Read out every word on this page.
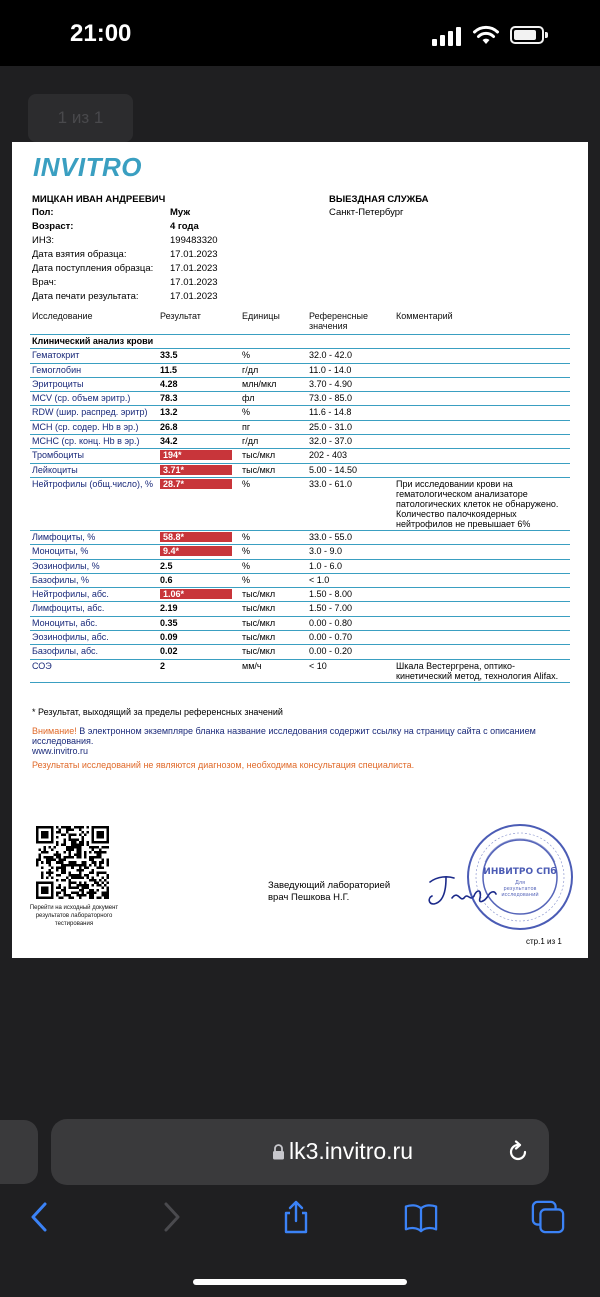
21:00
1 из 1
INVITRO
МИЦКАН ИВАН АНДРЕЕВИЧ
Пол:	Муж
Возраст:	4 года
ИНЗ:	199483320
Дата взятия образца:	17.01.2023
Дата поступления образца: 17.01.2023
Врач:	17.01.2023
Дата печати результата:	17.01.2023
ВЫЕЗДНАЯ СЛУЖБА
Санкт-Петербург
Исследование	Результат	Единицы	Референсные значения	Комментарий
Клинический анализ крови				
Гематокрит	33.5	%	32.0 - 42.0	
Гемоглобин	11.5	г/дл	11.0 - 14.0	
Эритроциты	4.28	млн/мкл	3.70 - 4.90	
MCV (ср. объем эритр.)	78.3	фл	73.0 - 85.0	
RDW (шир. распред. эритр)	13.2	%	11.6 - 14.8	
MCH (ср. содер. Hb в эр.)	26.8	пг	25.0 - 31.0	
MCHC (ср. конц. Hb в эр.)	34.2	г/дл	32.0 - 37.0	
Тромбоциты	194*	тыс/мкл	202 - 403	
Лейкоциты	3.71*	тыс/мкл	5.00 - 14.50	
Нейтрофилы (общ.число), %	28.7*	%	33.0 - 61.0	При исследовании крови на гематологическом анализаторе патологических клеток не обнаружено. Количество палочкоядерных нейтрофилов не превышает 6%
Лимфоциты, %	58.8*	%	33.0 - 55.0	
Моноциты, %	9.4*	%	3.0 - 9.0	
Эозинофилы, %	2.5	%	1.0 - 6.0	
Базофилы, %	0.6	%	< 1.0	
Нейтрофилы, абс.	1.06*	тыс/мкл	1.50 - 8.00	
Лимфоциты, абс.	2.19	тыс/мкл	1.50 - 7.00	
Моноциты, абс.	0.35	тыс/мкл	0.00 - 0.80	
Эозинофилы, абс.	0.09	тыс/мкл	0.00 - 0.70	
Базофилы, абс.	0.02	тыс/мкл	0.00 - 0.20	
СОЭ	2	мм/ч	< 10	Шкала Вестергрена, оптико-кинетический метод, технология Alifax.
* Результат, выходящий за пределы референсных значений
Внимание! В электронном экземпляре бланка название исследования содержит ссылку на страницу сайта с описанием исследования.
www.invitro.ru
Результаты исследований не являются диагнозом, необходима консультация специалиста.
Перейти на исходный документ результатов лабораторного тестирования
Заведующий лабораторией
врач Пешкова Н.Г.
ИНВИТРО СПб
Для
результатов
исследований
стр.1 из 1
lk3.invitro.ru
